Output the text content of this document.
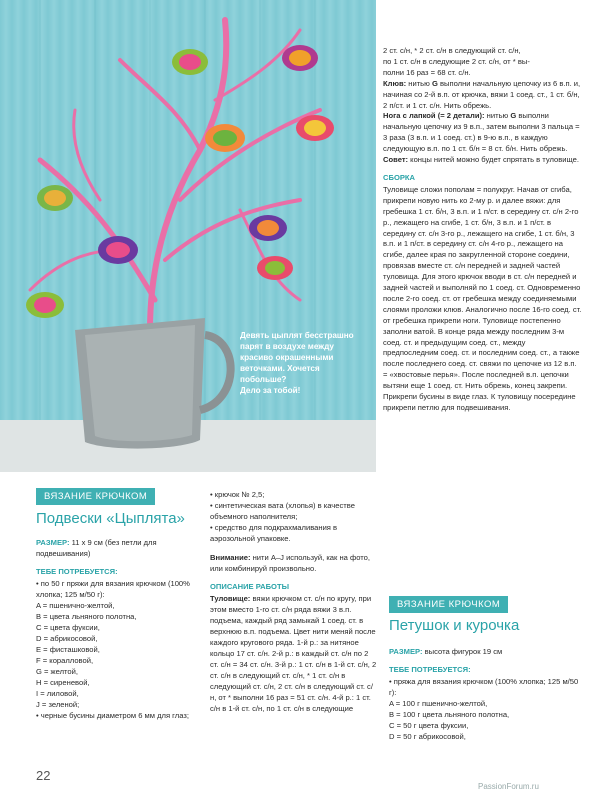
Девять цыплят бесстрашно
парят в воздухе между
красиво окрашенными
веточками. Хочется
побольше?
Дело за тобой!

2 ст. с/н, * 2 ст. с/н в следующий ст. с/н,

по 1 ст. с/н в следующие 2 ст. с/н, от * вы-

полни 16 раз = 68 ст. с/н.

Клюв: нитью G выполни начальную цепочку из 6 в.п. и, начиная со 2-й в.п. от крючка, вяжи 1 соед. ст., 1 ст. б/н, 2 п/ст. и 1 ст. с/н. Нить обрежь.

Нога с лапкой (= 2 детали): нитью G выполни начальную цепочку из 9 в.п., затем выполни 3 пальца = 3 раза (3 в.п. и 1 соед. ст.) в 9-ю в.п., в каждую следующую в.п. по 1 ст. б/н = 8 ст. б/н. Нить обрежь.

Совет: концы нитей можно будет спрятать в туловище.

СБОРКА

Туловище сложи пополам = полукруг. Начав от сгиба, прикрепи новую нить ко 2-му р. и далее вяжи: для гребешка 1 ст. б/н, 3 в.п. и 1 п/ст. в середину ст. с/н 2-го р., лежащего на сгибе, 1 ст. б/н, 3 в.п. и 1 п/ст. в середину ст. с/н 3-го р., лежащего на сгибе, 1 ст. б/н, 3 в.п. и 1 п/ст. в середину ст. с/н 4-го р., лежащего на сгибе, далее края по закругленной стороне соедини, провязав вместе ст. с/н передней и задней частей туловища. Для этого крючок вводи в ст. с/н передней и задней частей и выполняй по 1 соед. ст. Одновременно после 2-го соед. ст. от гребешка между соединяемыми слоями проложи клюв. Аналогично после 16-го соед. ст. от гребешка прикрепи ноги. Туловище постепенно заполни ватой. В конце ряда между последним 3-м соед. ст. и предыдущим соед. ст., между предпоследним соед. ст. и последним соед. ст., а также после последнего соед. ст. свяжи по цепочке из 12 в.п. = «хвостовые перья». После последней в.п. цепочки вытяни еще 1 соед. ст. Нить обрежь, конец закрепи. Прикрепи бусины в виде глаз. К туловищу посередине прикрепи петлю для подвешивания.

ВЯЗАНИЕ КРЮЧКОМ
Подвески «Цыплята»

РАЗМЕР: 11 x 9 см (без петли для подвешивания)

ТЕБЕ ПОТРЕБУЕТСЯ:

• по 50 г пряжи для вязания крючком (100% хлопка; 125 м/50 г):

A = пшенично-желтой,

B = цвета льняного полотна,

C = цвета фуксии,

D = абрикосовой,

E = фисташковой,

F = коралловой,

G = желтой,

H = сиреневой,

I = лиловой,

J = зеленой;

• черные бусины диаметром 6 мм для глаз;

• крючок № 2,5;

• синтетическая вата (хлопья) в качестве объемного наполнителя;

• средство для подкрахмаливания в аэрозольной упаковке.

Внимание: нити A–J используй, как на фото, или комбинируй произвольно.

ОПИСАНИЕ РАБОТЫ

Туловище: вяжи крючком ст. с/н по кругу, при этом вместо 1-го ст. с/н ряда вяжи 3 в.п. подъема, каждый ряд замыкай 1 соед. ст. в верхнюю в.п. подъема. Цвет нити меняй после каждого кругового ряда. 1-й р.: за нитяное кольцо 17 ст. с/н. 2-й р.: в каждый ст. с/н по 2 ст. с/н = 34 ст. с/н. 3-й р.: 1 ст. с/н в 1-й ст. с/н, 2 ст. с/н в следующий ст. с/н, * 1 ст. с/н в следующий ст. с/н, 2 ст. с/н в следующий ст. с/н, от * выполни 16 раз = 51 ст. с/н. 4-й р.: 1 ст. с/н в 1-й ст. с/н, по 1 ст. с/н в следующие

ВЯЗАНИЕ КРЮЧКОМ
Петушок и курочка

РАЗМЕР: высота фигурок 19 см

ТЕБЕ ПОТРЕБУЕТСЯ:

• пряжа для вязания крючком (100% хлопка; 125 м/50 г):

A = 100 г пшенично-желтой,

B = 100 г цвета льняного полотна,

C = 50 г цвета фуксии,

D = 50 г абрикосовой,

22
PassionForum.ru
